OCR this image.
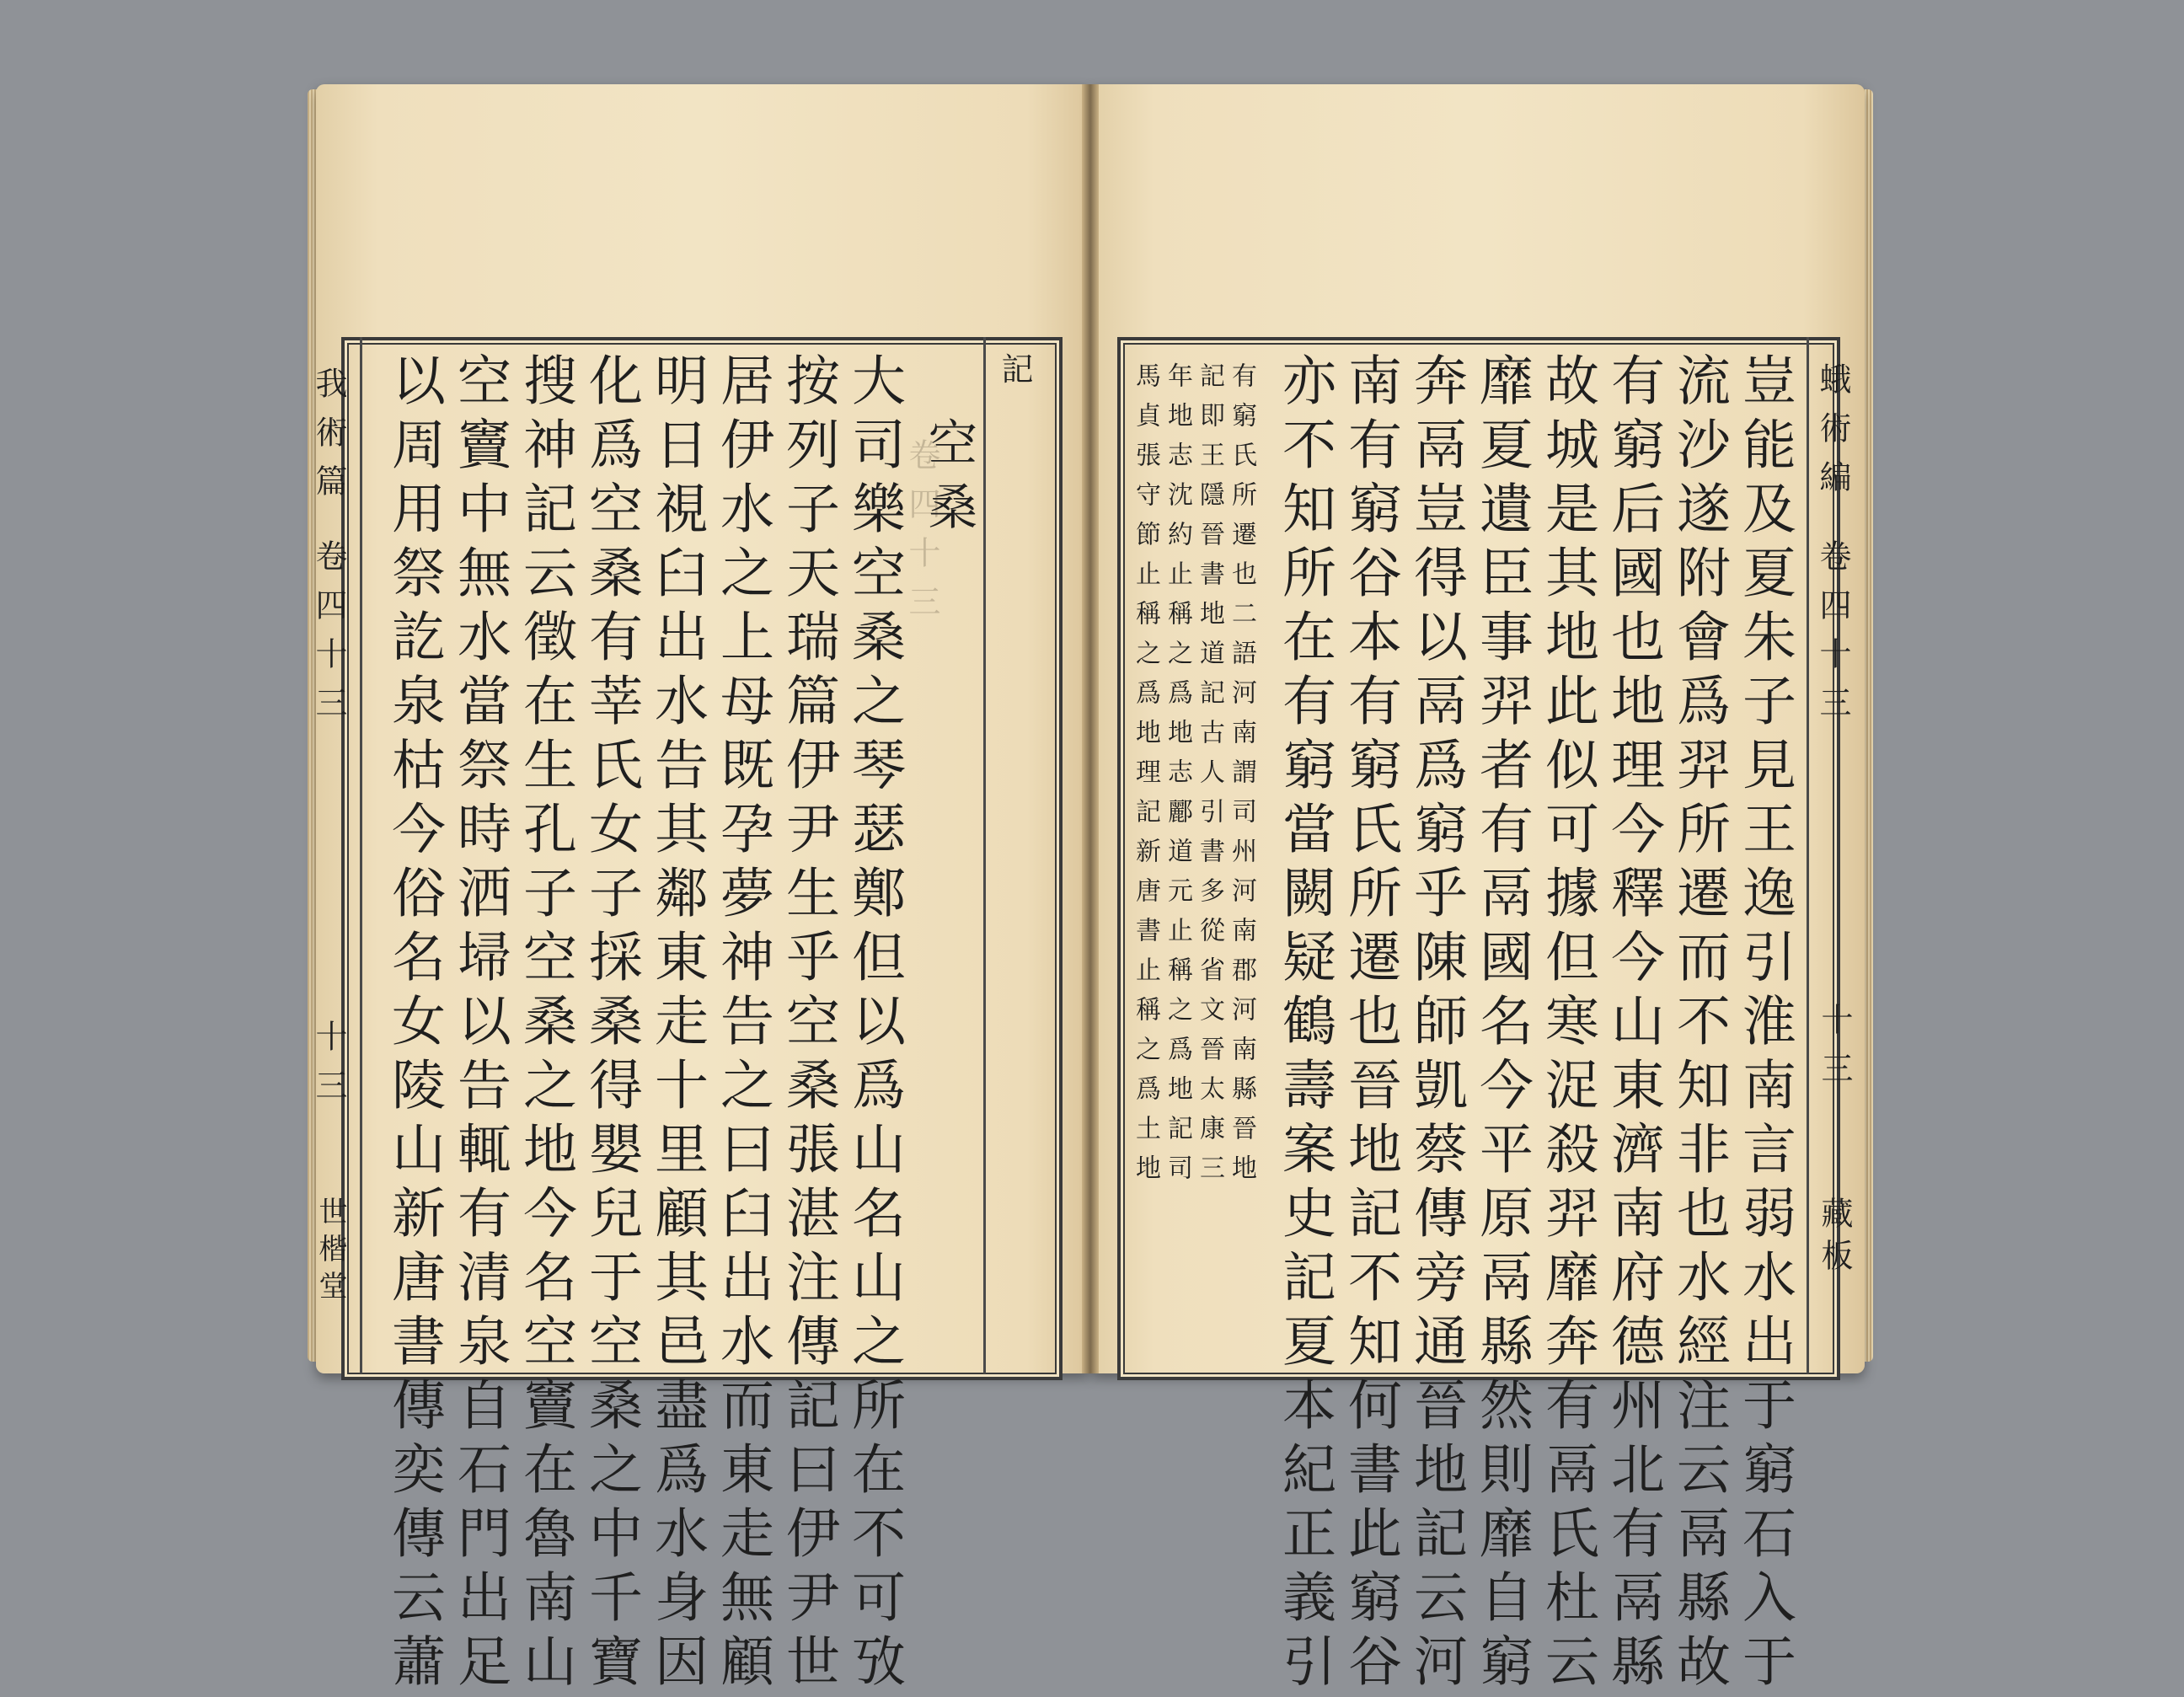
卷四十三
我術篇
卷四十三
十三
世楷堂
記
空桑
大司樂空桑之琴瑟鄭但以爲山名山之所在不可攷
按列子天瑞篇伊尹生乎空桑張湛注傳記曰伊尹世
居伊水之上母既孕夢神告之曰臼出水而東走無顧
明日視臼出水告其鄰東走十里顧其邑盡爲水身因
化爲空桑有莘氏女子採桑得嬰兒于空桑之中千寶
搜神記云徵在生孔子空桑之地今名空竇在魯南山
空竇中無水當祭時洒埽以告輒有清泉自石門出足
以周用祭訖泉枯今俗名女陵山新唐書傳奕傳云蕭	蛾術編
卷四十三
十三
藏板
豈能及夏朱子見王逸引淮南言弱水出于窮石入于
流沙遂附會爲羿所遷而不知非也水經注云鬲縣故
有窮后國也地理今釋今山東濟南府德州北有鬲縣
故城是其地此似可據但寒浞殺羿靡奔有鬲氏杜云
靡夏遺臣事羿者有鬲國名今平原鬲縣然則靡自窮
奔鬲豈得以鬲爲窮乎陳師凱蔡傳旁通晉地記云河
南有窮谷本有窮氏所遷也晉地記不知何書此窮谷
亦不知所在有窮當闕疑鶴壽案史記夏本紀正義引
有窮氏所遷也二語河南謂司州河南郡河南縣晉地
記即王隱晉書地道記古人引書多從省文晉太康三
年地志沈約止稱之爲地志酈道元止稱之爲地記司
馬貞張守節止稱之爲地理記新唐書止稱之爲土地
